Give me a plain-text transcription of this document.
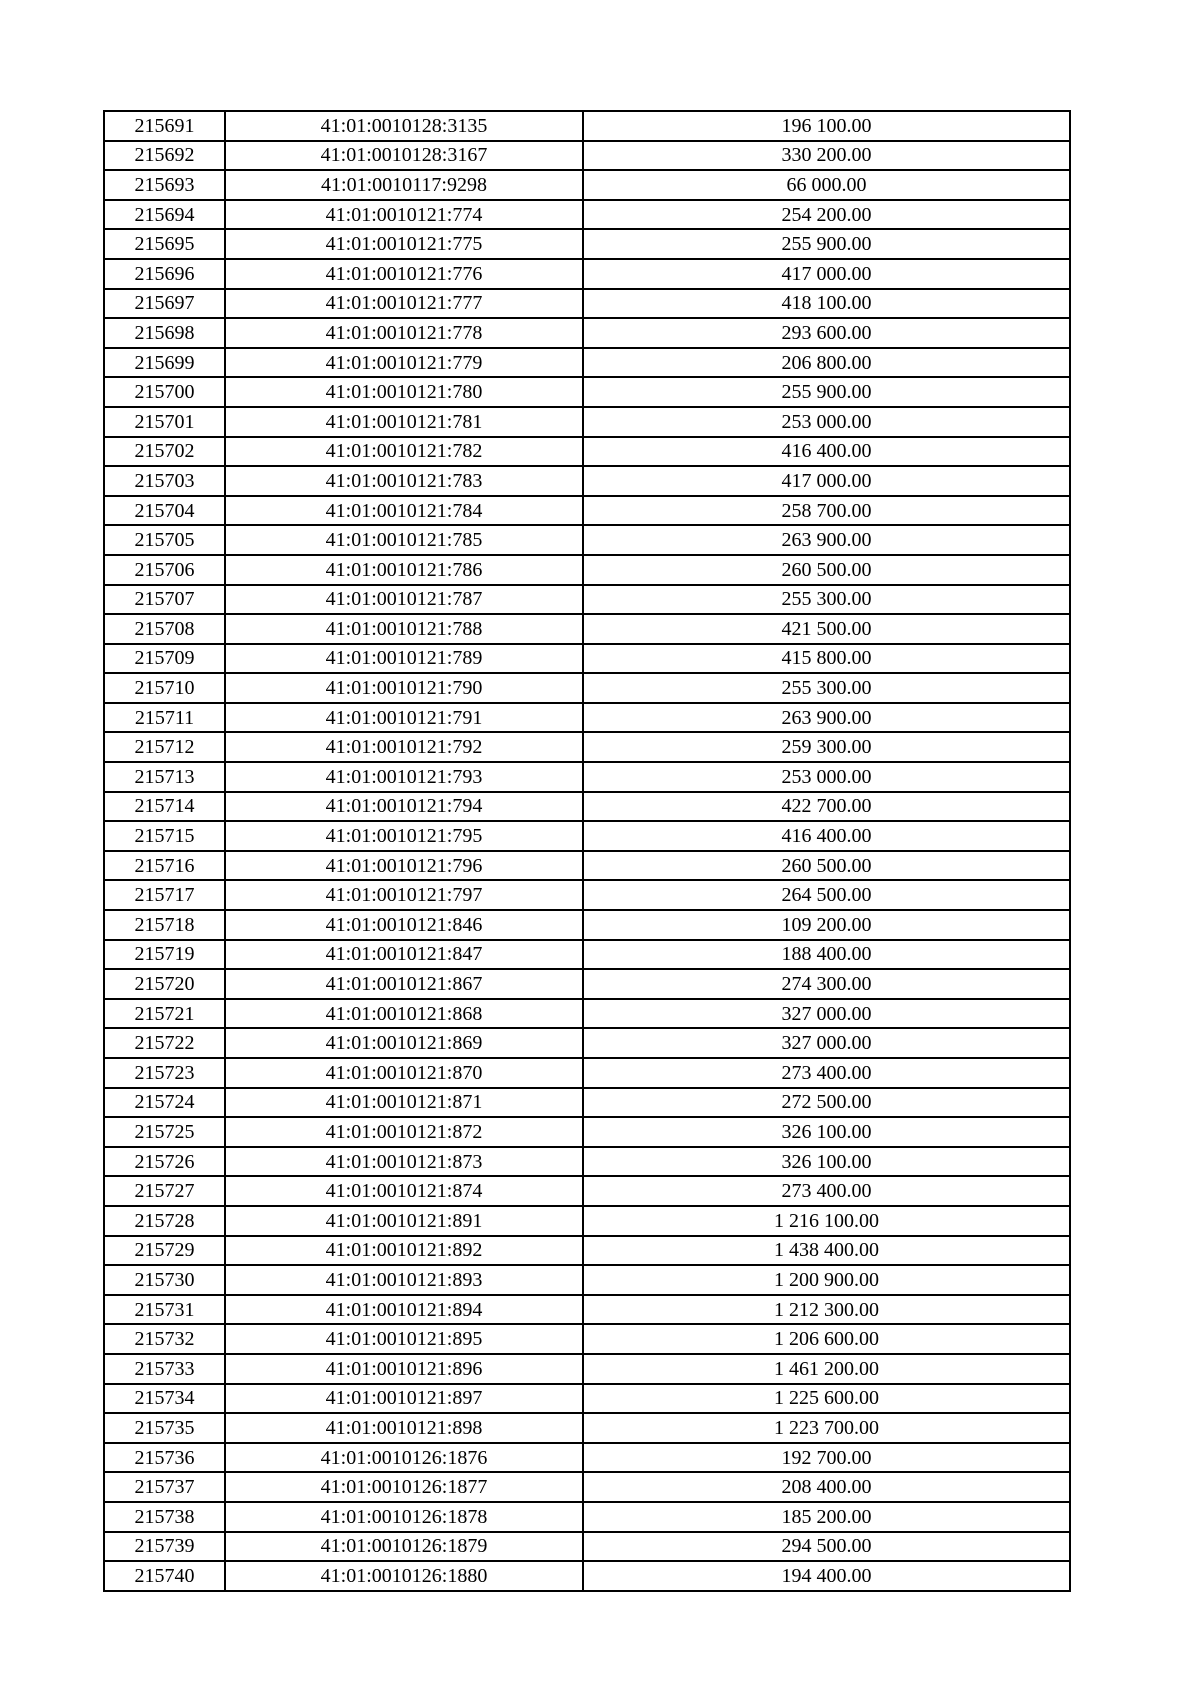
215691	41:01:0010128:3135	196 100.00
215692	41:01:0010128:3167	330 200.00
215693	41:01:0010117:9298	66 000.00
215694	41:01:0010121:774	254 200.00
215695	41:01:0010121:775	255 900.00
215696	41:01:0010121:776	417 000.00
215697	41:01:0010121:777	418 100.00
215698	41:01:0010121:778	293 600.00
215699	41:01:0010121:779	206 800.00
215700	41:01:0010121:780	255 900.00
215701	41:01:0010121:781	253 000.00
215702	41:01:0010121:782	416 400.00
215703	41:01:0010121:783	417 000.00
215704	41:01:0010121:784	258 700.00
215705	41:01:0010121:785	263 900.00
215706	41:01:0010121:786	260 500.00
215707	41:01:0010121:787	255 300.00
215708	41:01:0010121:788	421 500.00
215709	41:01:0010121:789	415 800.00
215710	41:01:0010121:790	255 300.00
215711	41:01:0010121:791	263 900.00
215712	41:01:0010121:792	259 300.00
215713	41:01:0010121:793	253 000.00
215714	41:01:0010121:794	422 700.00
215715	41:01:0010121:795	416 400.00
215716	41:01:0010121:796	260 500.00
215717	41:01:0010121:797	264 500.00
215718	41:01:0010121:846	109 200.00
215719	41:01:0010121:847	188 400.00
215720	41:01:0010121:867	274 300.00
215721	41:01:0010121:868	327 000.00
215722	41:01:0010121:869	327 000.00
215723	41:01:0010121:870	273 400.00
215724	41:01:0010121:871	272 500.00
215725	41:01:0010121:872	326 100.00
215726	41:01:0010121:873	326 100.00
215727	41:01:0010121:874	273 400.00
215728	41:01:0010121:891	1 216 100.00
215729	41:01:0010121:892	1 438 400.00
215730	41:01:0010121:893	1 200 900.00
215731	41:01:0010121:894	1 212 300.00
215732	41:01:0010121:895	1 206 600.00
215733	41:01:0010121:896	1 461 200.00
215734	41:01:0010121:897	1 225 600.00
215735	41:01:0010121:898	1 223 700.00
215736	41:01:0010126:1876	192 700.00
215737	41:01:0010126:1877	208 400.00
215738	41:01:0010126:1878	185 200.00
215739	41:01:0010126:1879	294 500.00
215740	41:01:0010126:1880	194 400.00
